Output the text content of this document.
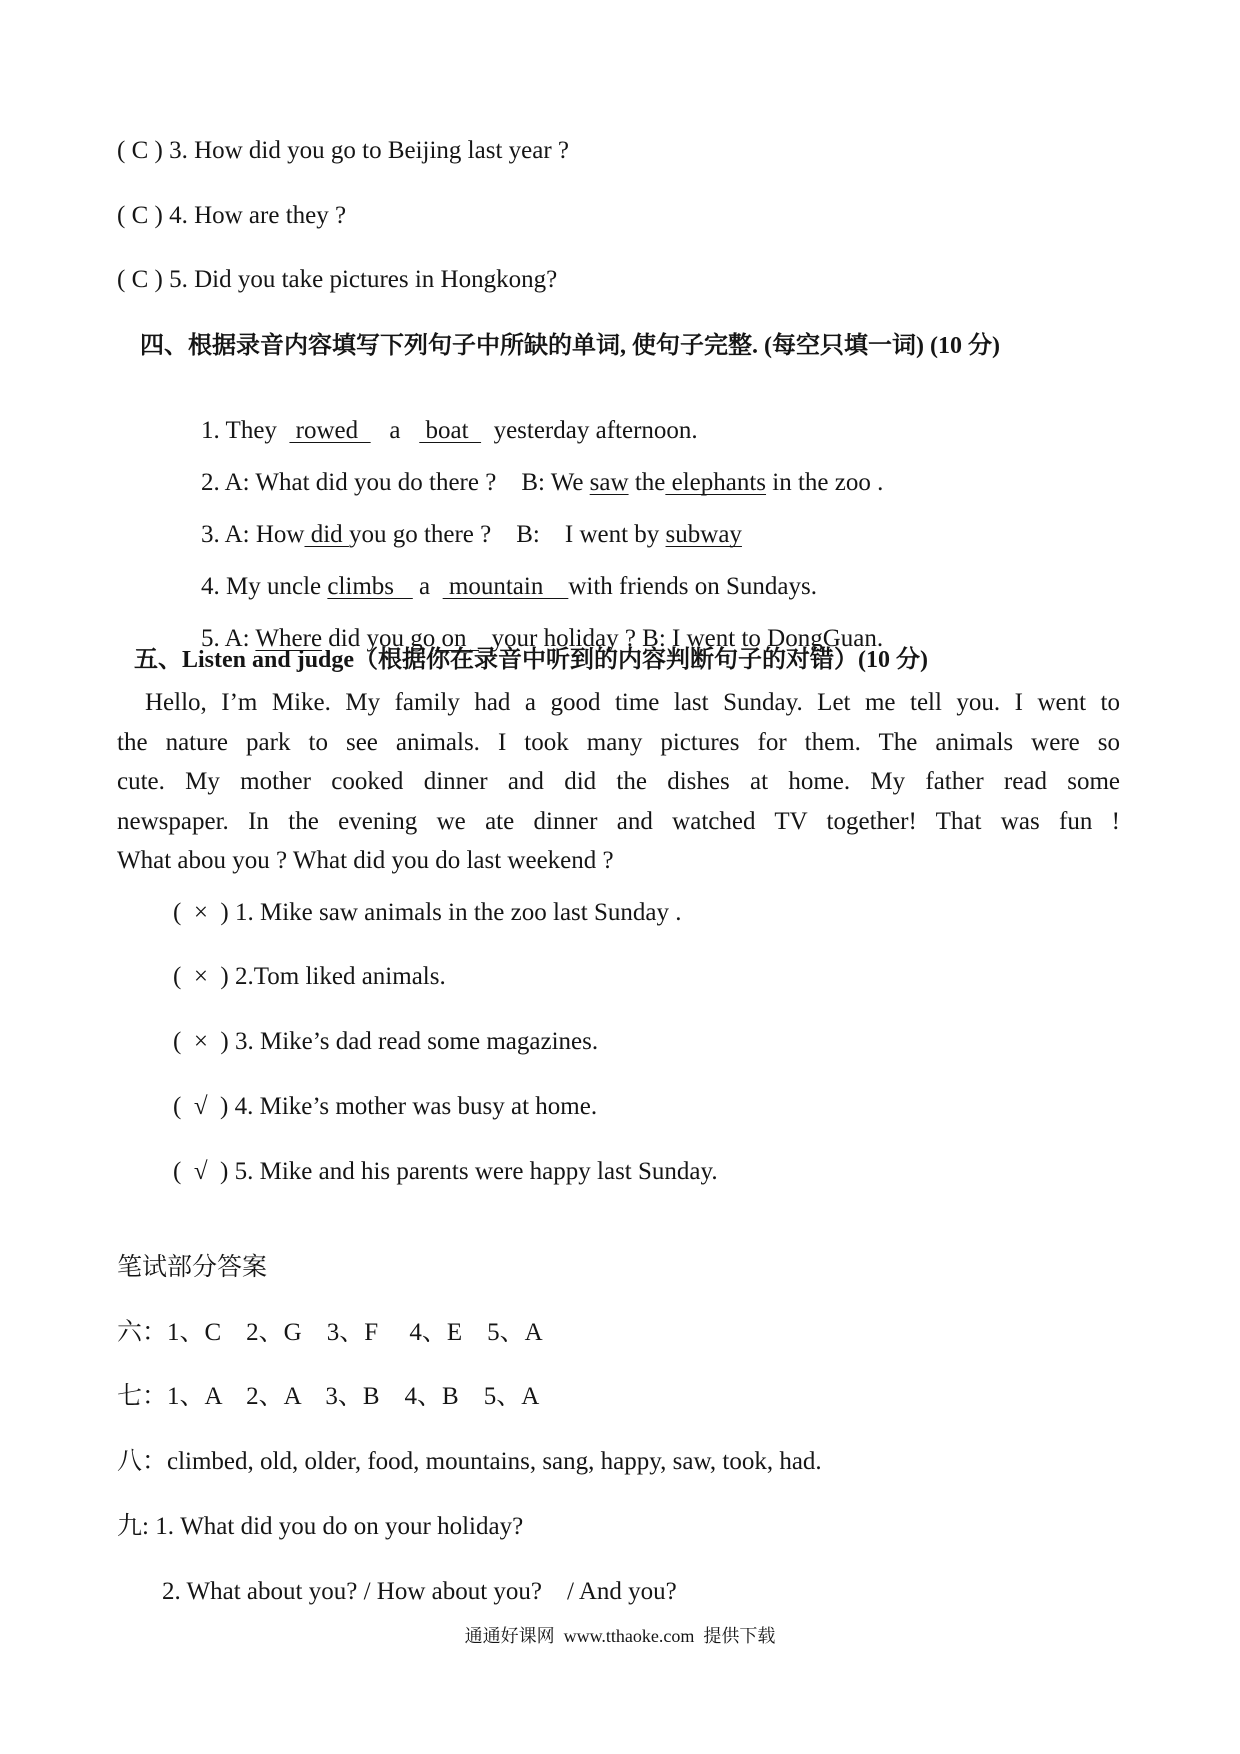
( C ) 3. How did you go to Beijing last year ?
( C ) 4. How are they ?
( C ) 5. Did you take pictures in Hongkong?
四、根据录音内容填写下列句子中所缺的单词, 使句子完整. (每空只填一词) (10 分)

1. They   rowed     a    boat    yesterday afternoon.

2. A: What did you do there ?    B: We saw the elephants in the zoo .

3. A: How did you go there ?    B:    I went by subway

4. My uncle climbs    a   mountain    with friends on Sundays.

5. A: Where did you go on    your holiday ? B: I went to DongGuan.

五、Listen and judge（根据你在录音中听到的内容判断句子的对错）(10 分)
Hello, I’m Mike. My family had a good time last Sunday. Let me tell you. I went to
the nature park to see animals. I took many pictures for them. The animals were so
cute. My mother cooked dinner and did the dishes at home. My father read some
newspaper. In the evening we ate dinner and watched TV together! That was fun !
What abou you ? What did you do last weekend ?
(  ×  ) 1. Mike saw animals in the zoo last Sunday .
(  ×  ) 2.Tom liked animals.
(  ×  ) 3. Mike’s dad read some magazines.
(  √  ) 4. Mike’s mother was busy at home.
(  √  ) 5. Mike and his parents were happy last Sunday.
笔试部分答案
六：1、C    2、G    3、F     4、E    5、A
七：1、A    2、A    3、B    4、B    5、A
八：climbed, old, older, food, mountains, sang, happy, saw, took, had.
九: 1. What did you do on your holiday?
2. What about you? / How about you?    / And you?
通通好课网  www.tthaoke.com  提供下载
